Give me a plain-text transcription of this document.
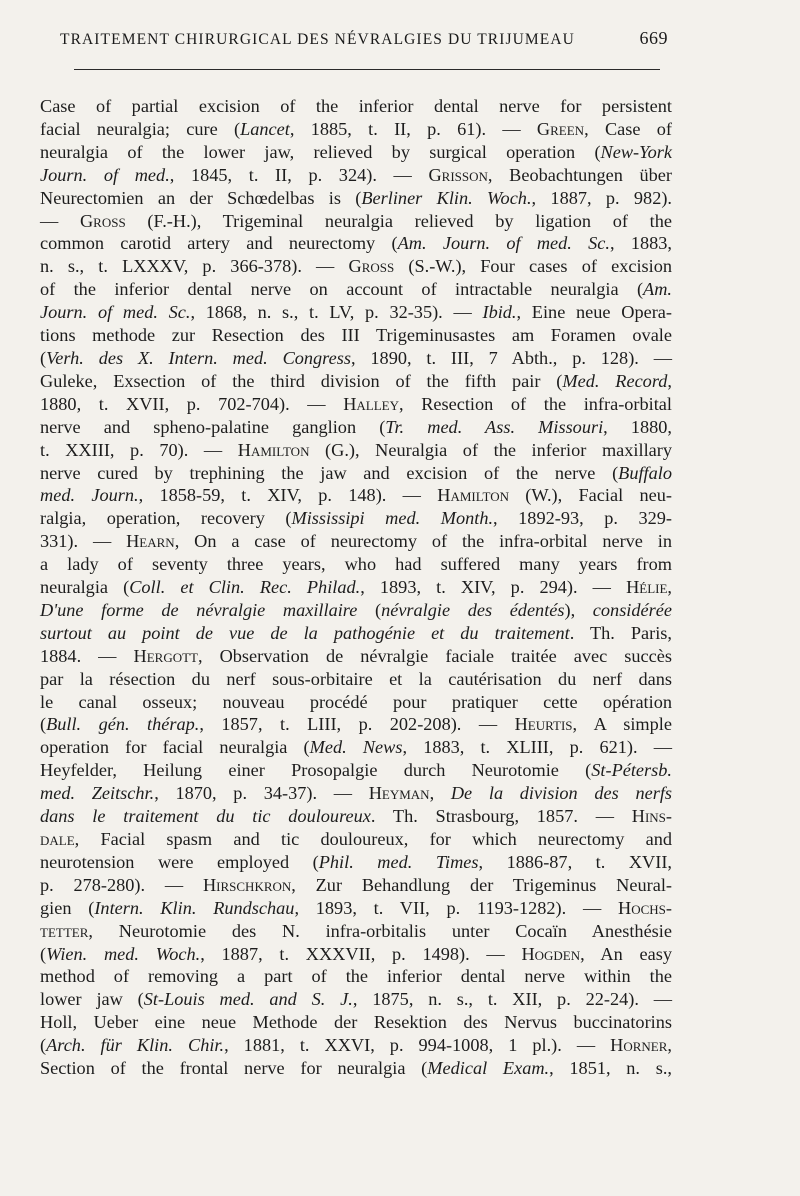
TRAITEMENT CHIRURGICAL DES NÉVRALGIES DU TRIJUMEAU	669
Case of partial excision of the inferior dental nerve for persistent
facial neuralgia; cure (Lancet, 1885, t. II, p. 61). — Green, Case of
neuralgia of the lower jaw, relieved by surgical operation (New-York
Journ. of med., 1845, t. II, p. 324). — Grisson, Beobachtungen über
Neurectomien an der Schœdelbas is (Berliner Klin. Woch., 1887, p. 982).
— Gross (F.-H.), Trigeminal neuralgia relieved by ligation of the
common carotid artery and neurectomy (Am. Journ. of med. Sc., 1883,
n. s., t. LXXXV, p. 366-378). — Gross (S.-W.), Four cases of excision
of the inferior dental nerve on account of intractable neuralgia (Am.
Journ. of med. Sc., 1868, n. s., t. LV, p. 32-35). — Ibid., Eine neue Opera-
tions methode zur Resection des III Trigeminusastes am Foramen ovale
(Verh. des X. Intern. med. Congress, 1890, t. III, 7 Abth., p. 128). —
Guleke, Exsection of the third division of the fifth pair (Med. Record,
1880, t. XVII, p. 702-704). — Halley, Resection of the infra-orbital
nerve and spheno-palatine ganglion (Tr. med. Ass. Missouri, 1880,
t. XXIII, p. 70). — Hamilton (G.), Neuralgia of the inferior maxillary
nerve cured by trephining the jaw and excision of the nerve (Buffalo
med. Journ., 1858-59, t. XIV, p. 148). — Hamilton (W.), Facial neu-
ralgia, operation, recovery (Mississipi med. Month., 1892-93, p. 329-
331). — Hearn, On a case of neurectomy of the infra-orbital nerve in
a lady of seventy three years, who had suffered many years from
neuralgia (Coll. et Clin. Rec. Philad., 1893, t. XIV, p. 294). — Hélie,
D'une forme de névralgie maxillaire (névralgie des édentés), considérée
surtout au point de vue de la pathogénie et du traitement. Th. Paris,
1884. — Hergott, Observation de névralgie faciale traitée avec succès
par la résection du nerf sous-orbitaire et la cautérisation du nerf dans
le canal osseux; nouveau procédé pour pratiquer cette opération
(Bull. gén. thérap., 1857, t. LIII, p. 202-208). — Heurtis, A simple
operation for facial neuralgia (Med. News, 1883, t. XLIII, p. 621). —
Heyfelder, Heilung einer Prosopalgie durch Neurotomie (St-Pétersb.
med. Zeitschr., 1870, p. 34-37). — Heyman, De la division des nerfs
dans le traitement du tic douloureux. Th. Strasbourg, 1857. — Hins-
dale, Facial spasm and tic douloureux, for which neurectomy and
neurotension were employed (Phil. med. Times, 1886-87, t. XVII,
p. 278-280). — Hirschkron, Zur Behandlung der Trigeminus Neural-
gien (Intern. Klin. Rundschau, 1893, t. VII, p. 1193-1282). — Hochs-
tetter, Neurotomie des N. infra-orbitalis unter Cocaïn Anesthésie
(Wien. med. Woch., 1887, t. XXXVII, p. 1498). — Hogden, An easy
method of removing a part of the inferior dental nerve within the
lower jaw (St-Louis med. and S. J., 1875, n. s., t. XII, p. 22-24). —
Holl, Ueber eine neue Methode der Resektion des Nervus buccinatorins
(Arch. für Klin. Chir., 1881, t. XXVI, p. 994-1008, 1 pl.). — Horner,
Section of the frontal nerve for neuralgia (Medical Exam., 1851, n. s.,
